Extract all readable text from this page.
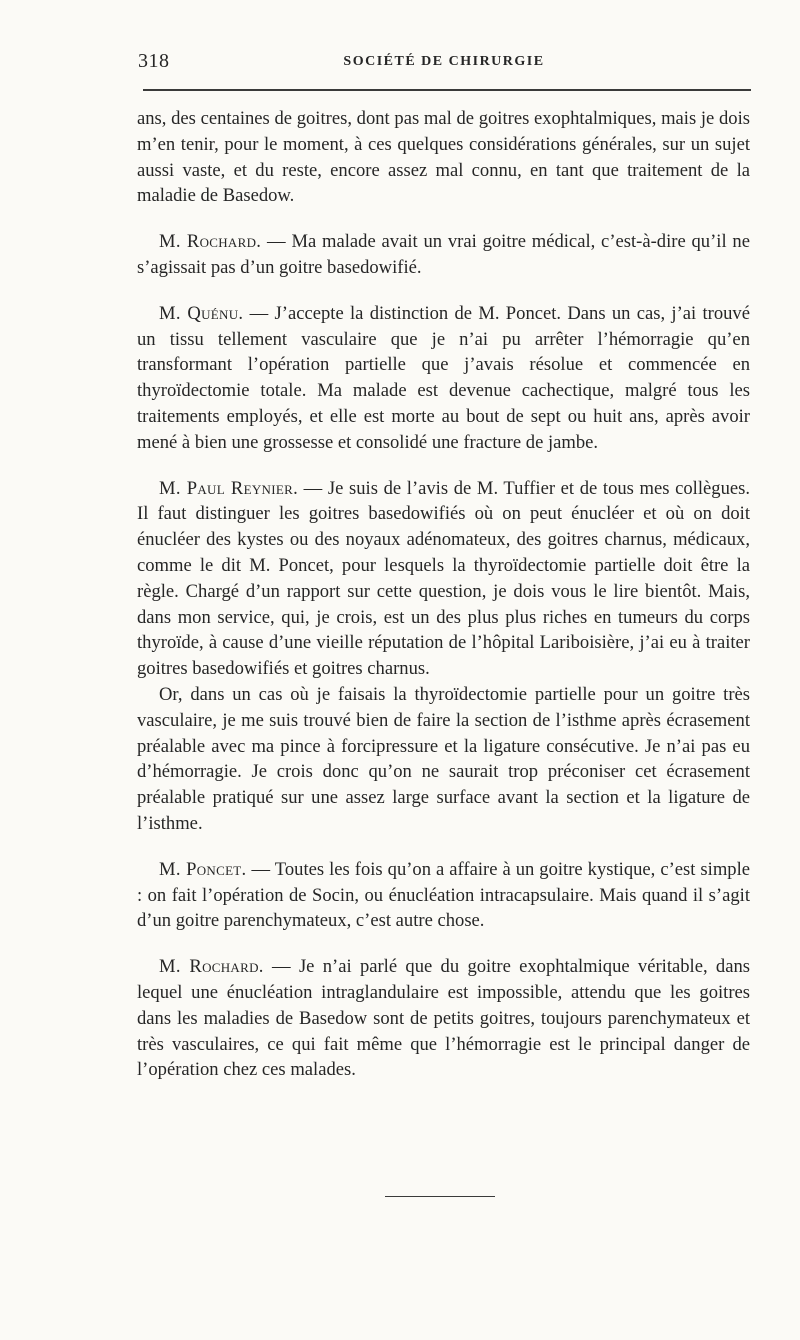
318	SOCIÉTÉ DE CHIRURGIE

ans, des centaines de goitres, dont pas mal de goitres exophtalmiques, mais je dois m’en tenir, pour le moment, à ces quelques considérations générales, sur un sujet aussi vaste, et du reste, encore assez mal connu, en tant que traitement de la maladie de Basedow.

M. Rochard. — Ma malade avait un vrai goitre médical, c’est-à-dire qu’il ne s’agissait pas d’un goitre basedowifié.

M. Quénu. — J’accepte la distinction de M. Poncet. Dans un cas, j’ai trouvé un tissu tellement vasculaire que je n’ai pu arrêter l’hémorragie qu’en transformant l’opération partielle que j’avais résolue et commencée en thyroïdectomie totale. Ma malade est devenue cachectique, malgré tous les traitements employés, et elle est morte au bout de sept ou huit ans, après avoir mené à bien une grossesse et consolidé une fracture de jambe.

M. Paul Reynier. — Je suis de l’avis de M. Tuffier et de tous mes collègues. Il faut distinguer les goitres basedowifiés où on peut énucléer et où on doit énucléer des kystes ou des noyaux adénomateux, des goitres charnus, médicaux, comme le dit M. Poncet, pour lesquels la thyroïdectomie partielle doit être la règle. Chargé d’un rapport sur cette question, je dois vous le lire bientôt. Mais, dans mon service, qui, je crois, est un des plus plus riches en tumeurs du corps thyroïde, à cause d’une vieille réputation de l’hôpital Lariboisière, j’ai eu à traiter goitres basedowifiés et goitres charnus.

Or, dans un cas où je faisais la thyroïdectomie partielle pour un goitre très vasculaire, je me suis trouvé bien de faire la section de l’isthme après écrasement préalable avec ma pince à forcipressure et la ligature consécutive. Je n’ai pas eu d’hémorragie. Je crois donc qu’on ne saurait trop préconiser cet écrasement préalable pratiqué sur une assez large surface avant la section et la ligature de l’isthme.

M. Poncet. — Toutes les fois qu’on a affaire à un goitre kystique, c’est simple : on fait l’opération de Socin, ou énucléation intracapsulaire. Mais quand il s’agit d’un goitre parenchymateux, c’est autre chose.

M. Rochard. — Je n’ai parlé que du goitre exophtalmique véritable, dans lequel une énucléation intraglandulaire est impossible, attendu que les goitres dans les maladies de Basedow sont de petits goitres, toujours parenchymateux et très vasculaires, ce qui fait même que l’hémorragie est le principal danger de l’opération chez ces malades.
